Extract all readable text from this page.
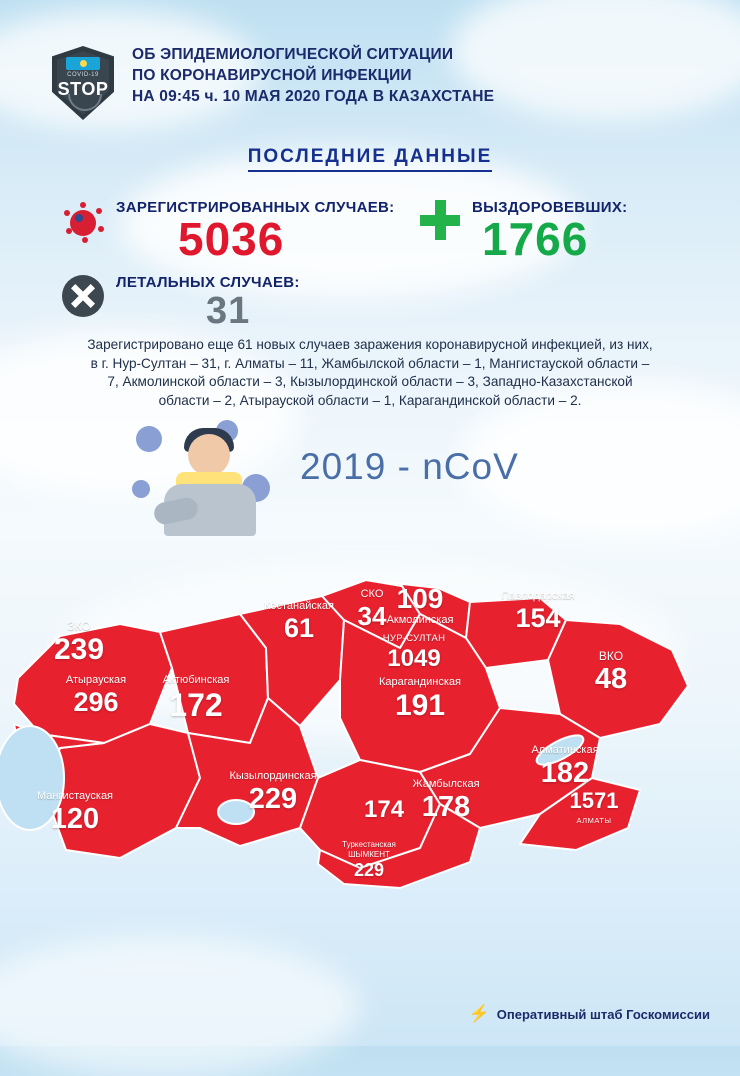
COVID-19
STOP
ОБ ЭПИДЕМИОЛОГИЧЕСКОЙ СИТУАЦИИ
ПО КОРОНАВИРУСНОЙ ИНФЕКЦИИ
НА 09:45 ч. 10 МАЯ 2020 ГОДА В КАЗАХСТАНЕ
ПОСЛЕДНИЕ ДАННЫЕ
ЗАРЕГИСТРИРОВАННЫХ СЛУЧАЕВ:
5036
ВЫЗДОРОВЕВШИХ:
1766
ЛЕТАЛЬНЫХ СЛУЧАЕВ:
31
Зарегистрировано еще 61 новых случаев заражения коронавирусной инфекцией, из них, в г. Нур-Султан – 31, г. Алматы – 11, Жамбылской области – 1, Мангистауской области – 7, Акмолинской области – 3, Кызылординской области – 3, Западно-Казахстанской области – 2, Атырауской области – 1, Карагандинской области – 2.
2019 - nCoV
СКО
34
109
Акмолинская
Павлодарская
154
Костанайская
61	НУР-СУЛТАН
1049
ЗКО
239	ВКО
48
Атырауская
296
Актюбинская
172
Карагандинская
191
Алматинская
182
1571
АЛМАТЫ
Кызылординская
229	Жамбылская
178
174
Мангистауская
120
Туркестанская ШЫМКЕНТ
229
⚡ Оперативный штаб Госкомиссии
